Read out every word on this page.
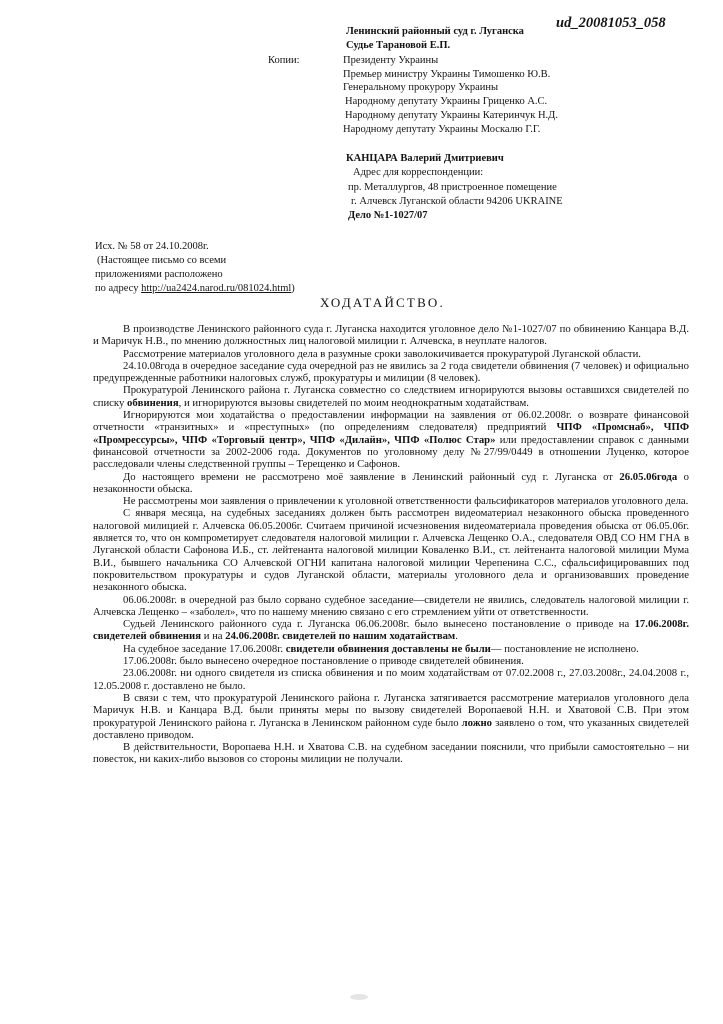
ud_20081053_058
Ленинский районный суд г. Луганска
Судье Тарановой Е.П.
Копии:	Президенту Украины
Премьер министру Украины Тимошенко Ю.В.
Генеральному прокурору Украины
Народному депутату Украины Гриценко А.С.
Народному депутату Украины Катеринчук Н.Д.
Народному депутату Украины Москалю Г.Г.
КАНЦАРА Валерий Дмитриевич
Адрес для корреспонденции:
пр. Металлургов, 48 пристроенное помещение
г. Алчевск Луганской области 94206 UKRAINE
Дело №1-1027/07
Исх. № 58 от 24.10.2008г.
(Настоящее письмо со всеми
приложениями расположено
по адресу http://ua2424.narod.ru/081024.html)
ХОДАТАЙСТВО.

В производстве Ленинского районного суда г. Луганска находится уголовное дело №1-1027/07 по обвинению Канцара В.Д. и Маричук Н.В., по мнению должностных лиц налоговой милиции г. Алчевска, в неуплате налогов.

Рассмотрение материалов уголовного дела в разумные сроки заволокичивается прокуратурой Луганской области.

24.10.08года в очередное заседание суда очередной раз не явились за 2 года свидетели обвинения (7 человек) и официально предупрежденные работники налоговых служб, прокуратуры и милиции (8 человек).

Прокуратурой Ленинского района г. Луганска совместно со следствием игнорируются вызовы оставшихся свидетелей по списку обвинения, и игнорируются вызовы свидетелей по моим неоднократным ходатайствам.

Игнорируются мои ходатайства о предоставлении информации на заявления от 06.02.2008г. о возврате финансовой отчетности «транзитных» и «преступных» (по определениям следователя) предприятий ЧПФ «Промснаб», ЧПФ «Промрессурсы», ЧПФ «Торговый центр», ЧПФ «Дилайн», ЧПФ «Полюс Стар» или предоставлении справок с данными финансовой отчетности за 2002-2006 года. Документов по уголовному делу №27/99/0449 в отношении Луценко, которое расследовали члены следственной группы – Терещенко и Сафонов.

До настоящего времени не рассмотрено моё заявление в Ленинский районный суд г. Луганска от 26.05.06года о незаконности обыска.

Не рассмотрены мои заявления о привлечении к уголовной ответственности фальсификаторов материалов уголовного дела.

С января месяца, на судебных заседаниях должен быть рассмотрен видеоматериал незаконного обыска проведенного налоговой милицией г. Алчевска 06.05.2006г. Считаем причиной исчезновения видеоматериала проведения обыска от 06.05.06г. является то, что он компрометирует следователя налоговой милиции г. Алчевска Лещенко О.А., следователя ОВД СО НМ ГНА в Луганской области Сафонова И.Б., ст. лейтенанта налоговой милиции Коваленко В.И., ст. лейтенанта налоговой милиции Мума В.И., бывшего начальника СО Алчевской ОГНИ капитана налоговой милиции Черепенина С.С., сфальсифицировавших под покровительством прокуратуры и судов Луганской области, материалы уголовного дела и организовавших проведение незаконного обыска.

06.06.2008г. в очередной раз было сорвано судебное заседание—свидетели не явились, следователь налоговой милиции г. Алчевска Лещенко – «заболел», что по нашему мнению связано с его стремлением уйти от ответственности.

Судьей Ленинского районного суда г. Луганска 06.06.2008г. было вынесено постановление о приводе на 17.06.2008г. свидетелей обвинения и на 24.06.2008г. свидетелей по нашим ходатайствам.

На судебное заседание 17.06.2008г. свидетели обвинения доставлены не были— постановление не исполнено.

17.06.2008г. было вынесено очередное постановление о приводе свидетелей обвинения.

23.06.2008г. ни одного свидетеля из списка обвинения и по моим ходатайствам от 07.02.2008 г., 27.03.2008г., 24.04.2008 г., 12.05.2008 г. доставлено не было.

В связи с тем, что прокуратурой Ленинского района г. Луганска затягивается рассмотрение материалов уголовного дела Маричук Н.В. и Канцара В.Д. были приняты меры по вызову свидетелей Воропаевой Н.Н. и Хватовой С.В. При этом прокуратурой Ленинского района г. Луганска в Ленинском районном суде было ложно заявлено о том, что указанных свидетелей доставлено приводом.

В действительности, Воропаева Н.Н. и Хватова С.В. на судебном заседании пояснили, что прибыли самостоятельно – ни повесток, ни каких-либо вызовов со стороны милиции не получали.
